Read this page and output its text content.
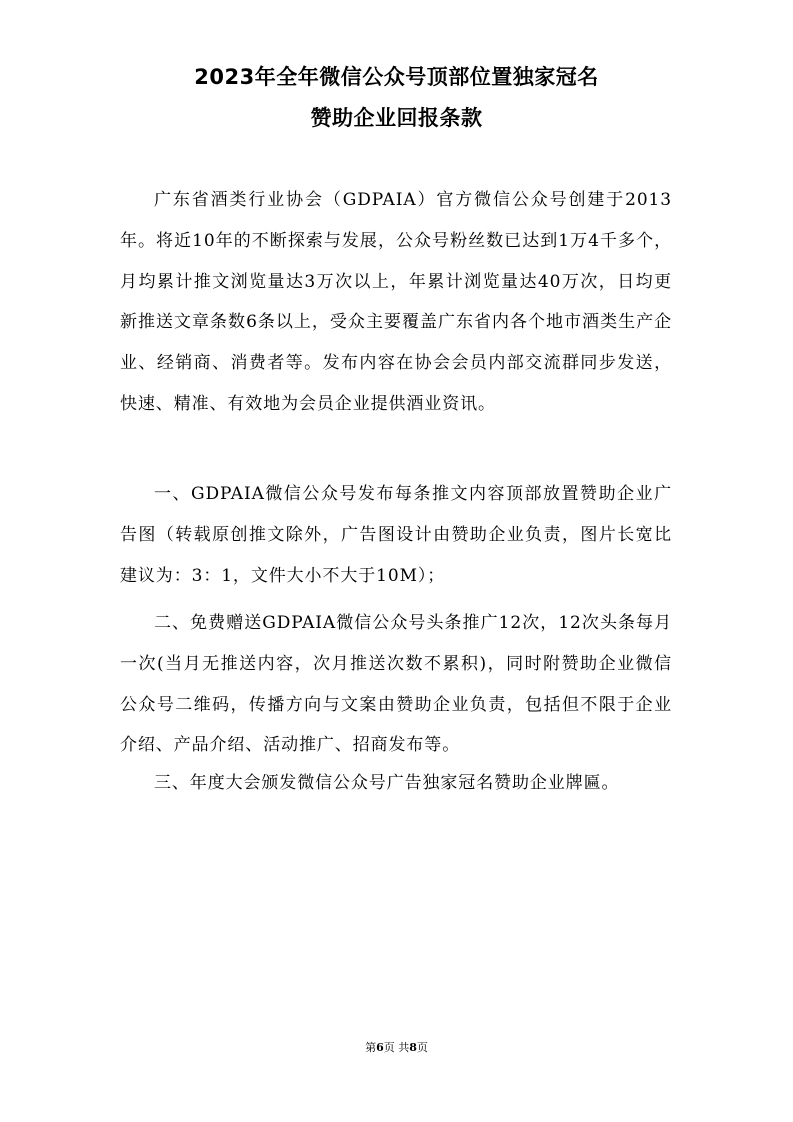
2023年全年微信公众号顶部位置独家冠名
赞助企业回报条款

广东省酒类行业协会（GDPAIA）官方微信公众号创建于2013年。将近10年的不断探索与发展，公众号粉丝数已达到1万4千多个，月均累计推文浏览量达3万次以上，年累计浏览量达40万次，日均更新推送文章条数6条以上，受众主要覆盖广东省内各个地市酒类生产企业、经销商、消费者等。发布内容在协会会员内部交流群同步发送，快速、精准、有效地为会员企业提供酒业资讯。

一、GDPAIA微信公众号发布每条推文内容顶部放置赞助企业广告图（转载原创推文除外，广告图设计由赞助企业负责，图片长宽比建议为：3：1，文件大小不大于10M）；

二、免费赠送GDPAIA微信公众号头条推广12次，12次头条每月一次(当月无推送内容，次月推送次数不累积)，同时附赞助企业微信公众号二维码，传播方向与文案由赞助企业负责，包括但不限于企业介绍、产品介绍、活动推广、招商发布等。

三、年度大会颁发微信公众号广告独家冠名赞助企业牌匾。

第6页 共8页
